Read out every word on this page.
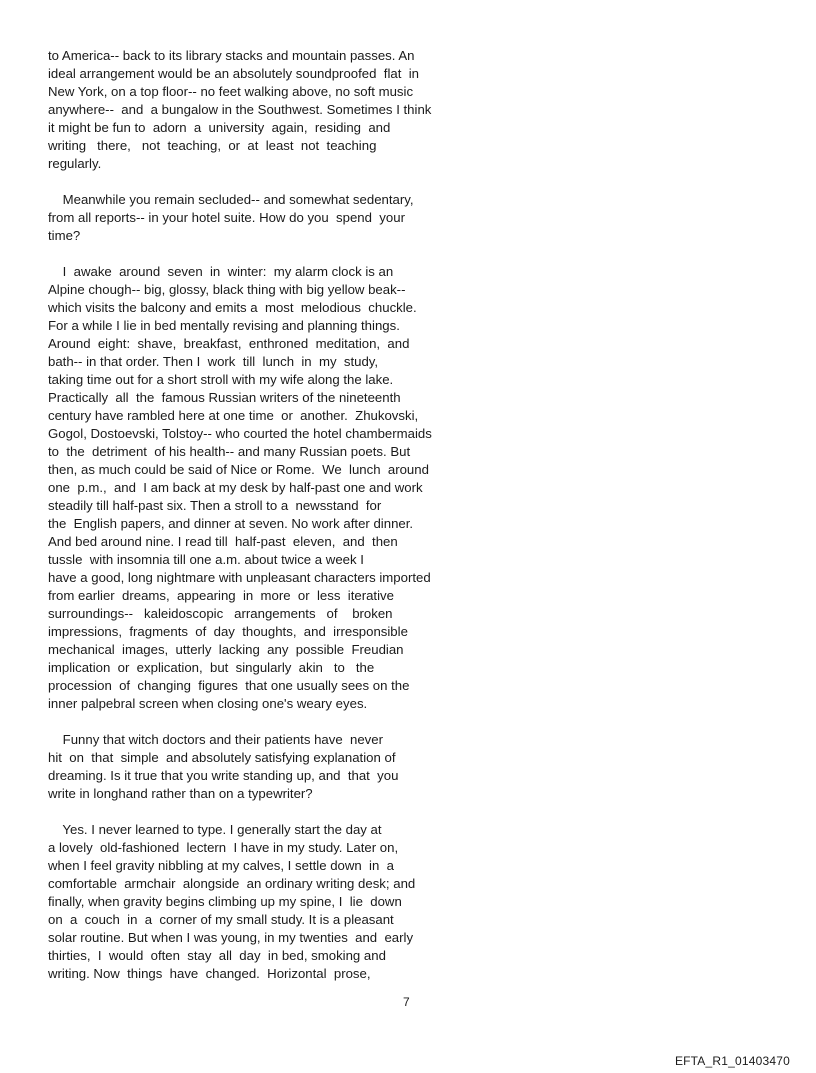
to America-- back to its library stacks and mountain passes. An
ideal arrangement would be an absolutely soundproofed  flat  in
New York, on a top floor-- no feet walking above, no soft music
anywhere--  and  a bungalow in the Southwest. Sometimes I think
it might be fun to  adorn  a  university  again,  residing  and
writing   there,   not  teaching,  or  at  least  not  teaching
regularly.
Meanwhile you remain secluded-- and somewhat sedentary,
from all reports-- in your hotel suite. How do you  spend  your
time?
I  awake  around  seven  in  winter:  my alarm clock is an
Alpine chough-- big, glossy, black thing with big yellow beak--
which visits the balcony and emits a  most  melodious  chuckle.
For a while I lie in bed mentally revising and planning things.
Around  eight:  shave,  breakfast,  enthroned  meditation,  and
bath-- in that order. Then I  work  till  lunch  in  my  study,
taking time out for a short stroll with my wife along the lake.
Practically  all  the  famous Russian writers of the nineteenth
century have rambled here at one time  or  another.  Zhukovski,
Gogol, Dostoevski, Tolstoy-- who courted the hotel chambermaids
to  the  detriment  of his health-- and many Russian poets. But
then, as much could be said of Nice or Rome.  We  lunch  around
one  p.m.,  and  I am back at my desk by half-past one and work
steadily till half-past six. Then a stroll to a  newsstand  for
the  English papers, and dinner at seven. No work after dinner.
And bed around nine. I read till  half-past  eleven,  and  then
tussle  with insomnia till one a.m. about twice a week I
have a good, long nightmare with unpleasant characters imported
from earlier  dreams,  appearing  in  more  or  less  iterative
surroundings--   kaleidoscopic   arrangements   of    broken
impressions,  fragments  of  day  thoughts,  and  irresponsible
mechanical  images,  utterly  lacking  any  possible  Freudian
implication  or  explication,  but  singularly  akin   to   the
procession  of  changing  figures  that one usually sees on the
inner palpebral screen when closing one's weary eyes.
Funny that witch doctors and their patients have  never
hit  on  that  simple  and absolutely satisfying explanation of
dreaming. Is it true that you write standing up, and  that  you
write in longhand rather than on a typewriter?
Yes. I never learned to type. I generally start the day at
a lovely  old-fashioned  lectern  I have in my study. Later on,
when I feel gravity nibbling at my calves, I settle down  in  a
comfortable  armchair  alongside  an ordinary writing desk; and
finally, when gravity begins climbing up my spine, I  lie  down
on  a  couch  in  a  corner of my small study. It is a pleasant
solar routine. But when I was young, in my twenties  and  early
thirties,  I  would  often  stay  all  day  in bed, smoking and
writing. Now  things  have  changed.  Horizontal  prose,
7
EFTA_R1_01403470
